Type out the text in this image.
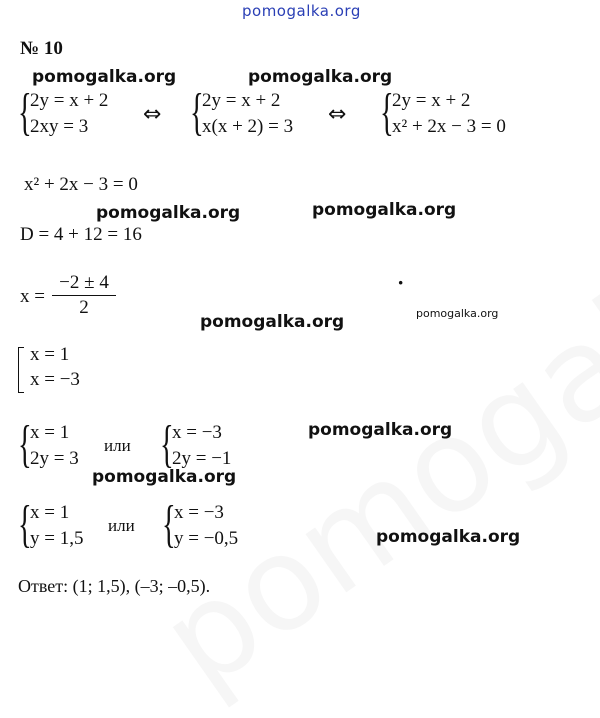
pomogalka.org
pomogalka.org	pomogalka.org
pomogalka.org	pomogalka.org
pomogalka.org	pomogalka.org
pomogalka.org
pomogalka.org
pomogalka.org
№ 10
{
2y = x + 2
2xy = 3 ⇔ {
2y = x + 2
x(x + 2) = 3 ⇔ {
2y = x + 2
x² + 2x − 3 = 0
x² + 2x − 3 = 0
D = 4 + 12 = 16
x =
−2 ± 4
2
·
x = 1
x = −3
{
x = 1
2y = 3
или {
x = −3
2y = −1
{
x = 1
y = 1,5
или {
x = −3
y = −0,5
Ответ: (1; 1,5), (–3; –0,5).
